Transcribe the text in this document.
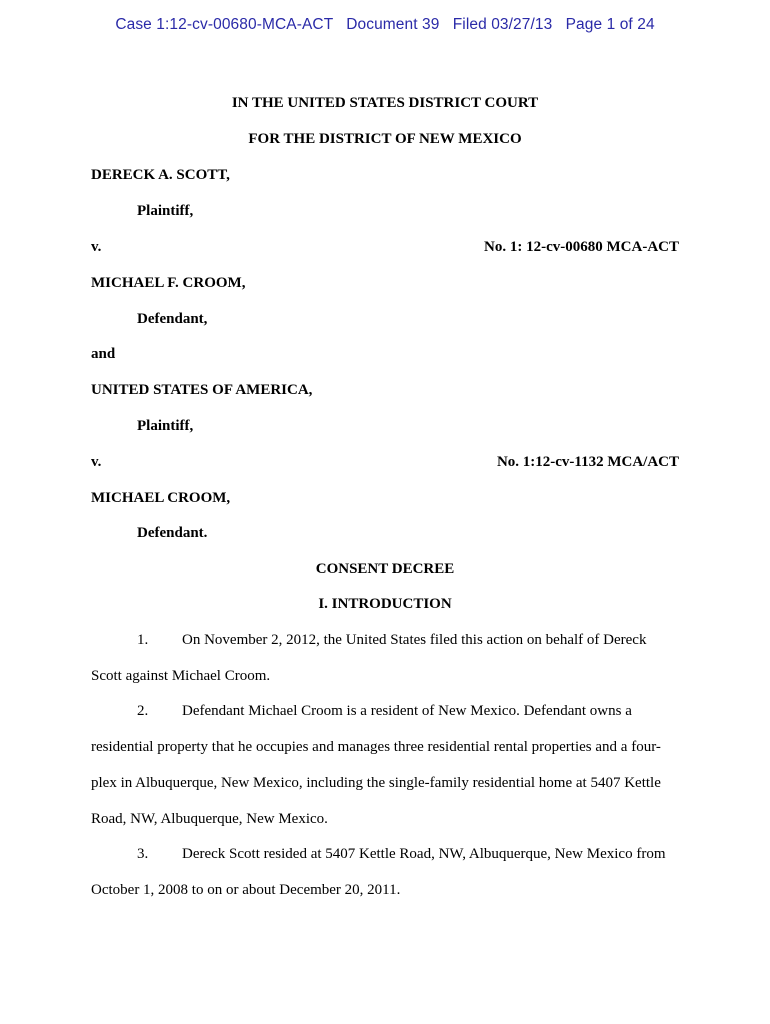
Case 1:12-cv-00680-MCA-ACT   Document 39   Filed 03/27/13   Page 1 of 24
IN THE UNITED STATES DISTRICT COURT
FOR THE DISTRICT OF NEW MEXICO
DERECK A. SCOTT,
Plaintiff,
v.	No. 1: 12-cv-00680 MCA-ACT
MICHAEL F. CROOM,
Defendant,
and
UNITED STATES OF AMERICA,
Plaintiff,
v.	No. 1:12-cv-1132 MCA/ACT
MICHAEL CROOM,
Defendant.
CONSENT DECREE
I. INTRODUCTION
1. On November 2, 2012, the United States filed this action on behalf of Dereck
Scott against Michael Croom.
2. Defendant Michael Croom is a resident of New Mexico. Defendant owns a
residential property that he occupies and manages three residential rental properties and a four-
plex in Albuquerque, New Mexico, including the single-family residential home at 5407 Kettle
Road, NW, Albuquerque, New Mexico.
3. Dereck Scott resided at 5407 Kettle Road, NW, Albuquerque, New Mexico from
October 1, 2008 to on or about December 20, 2011.
